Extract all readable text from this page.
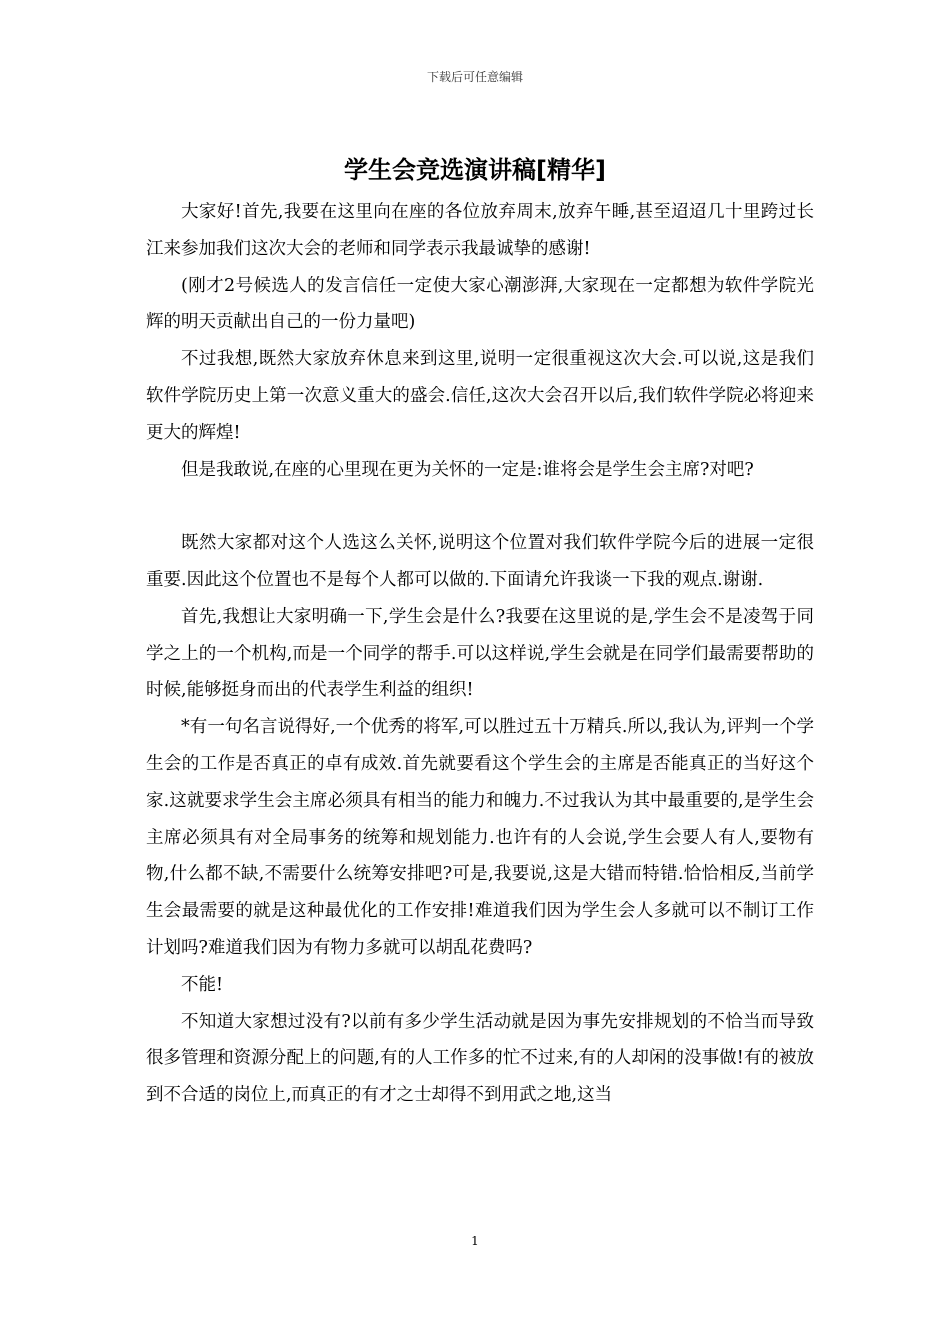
下载后可任意编辑
学生会竞选演讲稿[精华]

大家好!首先,我要在这里向在座的各位放弃周末,放弃午睡,甚至迢迢几十里跨过长江来参加我们这次大会的老师和同学表示我最诚挚的感谢!

(刚才2号候选人的发言信任一定使大家心潮澎湃,大家现在一定都想为软件学院光辉的明天贡献出自己的一份力量吧)

不过我想,既然大家放弃休息来到这里,说明一定很重视这次大会.可以说,这是我们软件学院历史上第一次意义重大的盛会.信任,这次大会召开以后,我们软件学院必将迎来更大的辉煌!

但是我敢说,在座的心里现在更为关怀的一定是:谁将会是学生会主席?对吧?

既然大家都对这个人选这么关怀,说明这个位置对我们软件学院今后的进展一定很重要.因此这个位置也不是每个人都可以做的.下面请允许我谈一下我的观点.谢谢.

首先,我想让大家明确一下,学生会是什么?我要在这里说的是,学生会不是凌驾于同学之上的一个机构,而是一个同学的帮手.可以这样说,学生会就是在同学们最需要帮助的时候,能够挺身而出的代表学生利益的组织!

*有一句名言说得好,一个优秀的将军,可以胜过五十万精兵.所以,我认为,评判一个学生会的工作是否真正的卓有成效.首先就要看这个学生会的主席是否能真正的当好这个家.这就要求学生会主席必须具有相当的能力和魄力.不过我认为其中最重要的,是学生会主席必须具有对全局事务的统筹和规划能力.也许有的人会说,学生会要人有人,要物有物,什么都不缺,不需要什么统筹安排吧?可是,我要说,这是大错而特错.恰恰相反,当前学生会最需要的就是这种最优化的工作安排!难道我们因为学生会人多就可以不制订工作计划吗?难道我们因为有物力多就可以胡乱花费吗?

不能!

不知道大家想过没有?以前有多少学生活动就是因为事先安排规划的不恰当而导致很多管理和资源分配上的问题,有的人工作多的忙不过来,有的人却闲的没事做!有的被放到不合适的岗位上,而真正的有才之士却得不到用武之地,这当

1
